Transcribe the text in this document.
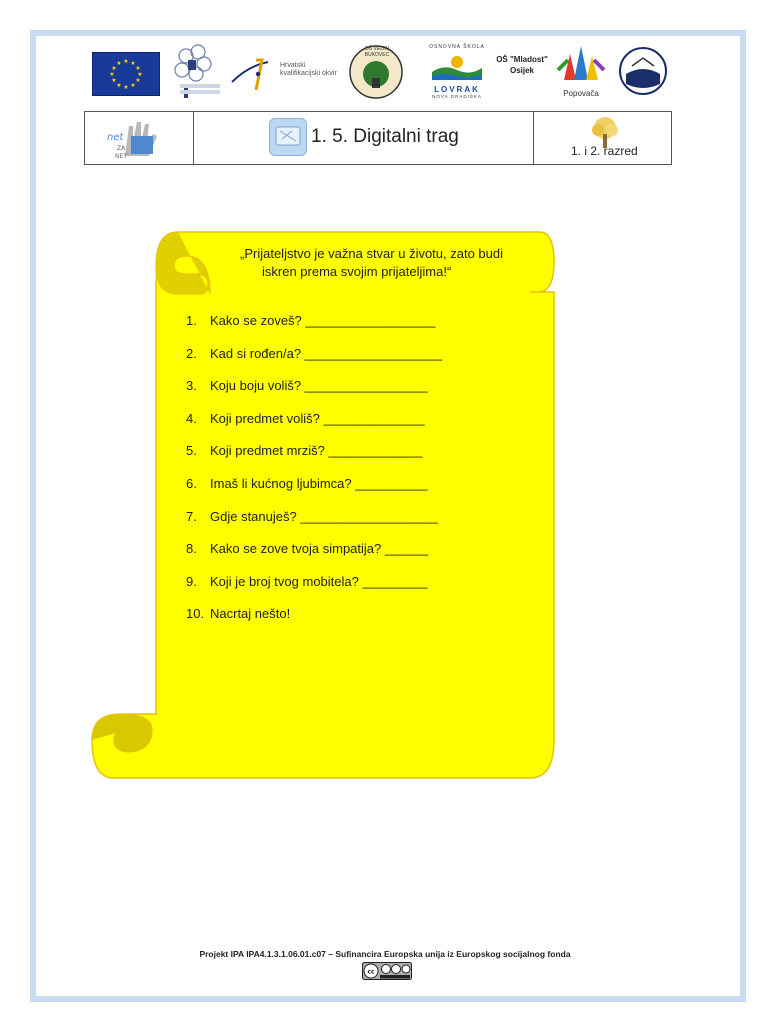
★ ★
★
★
★
★
★
★
★
★
★
★	Hrvatski kvalifikacijski okvir
OŠ VELIKI BUKOVEC
OSNOVNA ŠKOLA
LOVRAK
NOVA GRADIŠKA
OŠ "Mladost"
Osijek
Popovača
net
ZA
NET
1. 5. Digitalni trag
1. i 2. razred
„Prijateljstvo je važna stvar u životu, zato budi
iskren prema svojim prijateljima!“
1. Kako se zoveš? __________________
2. Kad si rođen/a? ___________________
3. Koju boju voliš? _________________
4. Koji predmet voliš? ______________
5. Koji predmet mrziš? _____________
6. Imaš li kućnog ljubimca? __________
7. Gdje stanuješ? ___________________
8. Kako se zove tvoja simpatija? ______
9. Koji je broj tvog mobitela? _________
10. Nacrtaj nešto!
Projekt IPA IPA4.1.3.1.06.01.c07 – Sufinancira Europska unija iz Europskog socijalnog fonda
cc
